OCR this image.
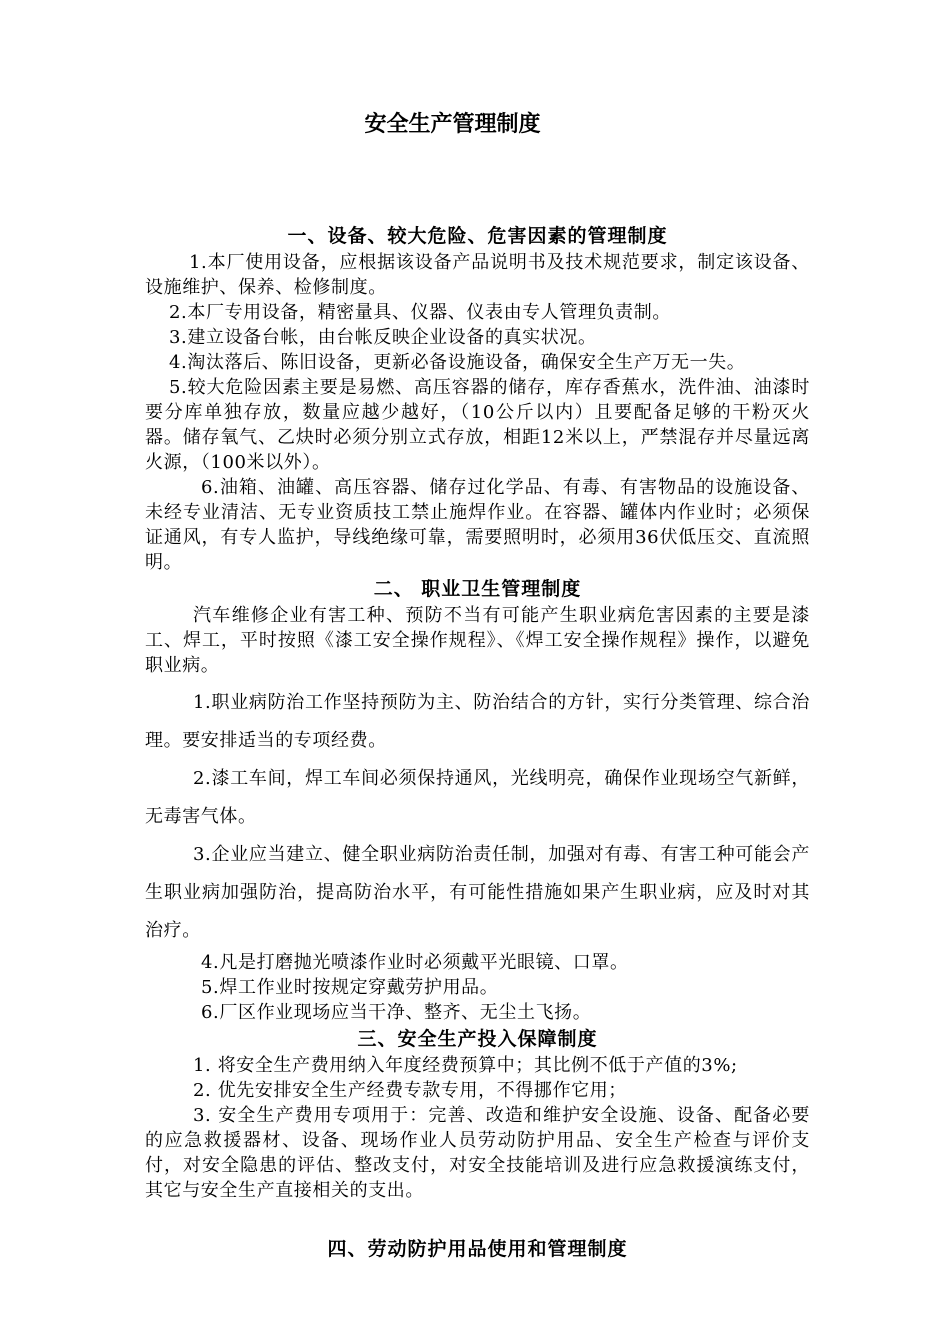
安全生产管理制度
一、设备、较大危险、危害因素的管理制度

1.本厂使用设备，应根据该设备产品说明书及技术规范要求，制定该设备、设施维护、保养、检修制度。

2.本厂专用设备，精密量具、仪器、仪表由专人管理负责制。

3.建立设备台帐，由台帐反映企业设备的真实状况。

4.淘汰落后、陈旧设备，更新必备设施设备，确保安全生产万无一失。

5.较大危险因素主要是易燃、高压容器的储存，库存香蕉水，洗件油、油漆时要分库单独存放，数量应越少越好，（10公斤以内）且要配备足够的干粉灭火器。储存氧气、乙炔时必须分别立式存放，相距12米以上，严禁混存并尽量远离火源，（100米以外）。

6.油箱、油罐、高压容器、储存过化学品、有毒、有害物品的设施设备、未经专业清洁、无专业资质技工禁止施焊作业。在容器、罐体内作业时；必须保证通风，有专人监护，导线绝缘可靠，需要照明时，必须用36伏低压交、直流照明。

二、 职业卫生管理制度

汽车维修企业有害工种、预防不当有可能产生职业病危害因素的主要是漆工、焊工，平时按照《漆工安全操作规程》、《焊工安全操作规程》操作，以避免职业病。

1.职业病防治工作坚持预防为主、防治结合的方针，实行分类管理、综合治理。要安排适当的专项经费。

2.漆工车间，焊工车间必须保持通风，光线明亮，确保作业现场空气新鲜，无毒害气体。

3.企业应当建立、健全职业病防治责任制，加强对有毒、有害工种可能会产生职业病加强防治，提高防治水平，有可能性措施如果产生职业病，应及时对其治疗。

4.凡是打磨抛光喷漆作业时必须戴平光眼镜、口罩。

5.焊工作业时按规定穿戴劳护用品。

6.厂区作业现场应当干净、整齐、无尘土飞扬。

三、安全生产投入保障制度

1. 将安全生产费用纳入年度经费预算中；其比例不低于产值的3%;

2. 优先安排安全生产经费专款专用，不得挪作它用；

3. 安全生产费用专项用于：完善、改造和维护安全设施、设备、配备必要的应急救援器材、设备、现场作业人员劳动防护用品、安全生产检查与评价支付，对安全隐患的评估、整改支付，对安全技能培训及进行应急救援演练支付，其它与安全生产直接相关的支出。

四、劳动防护用品使用和管理制度
